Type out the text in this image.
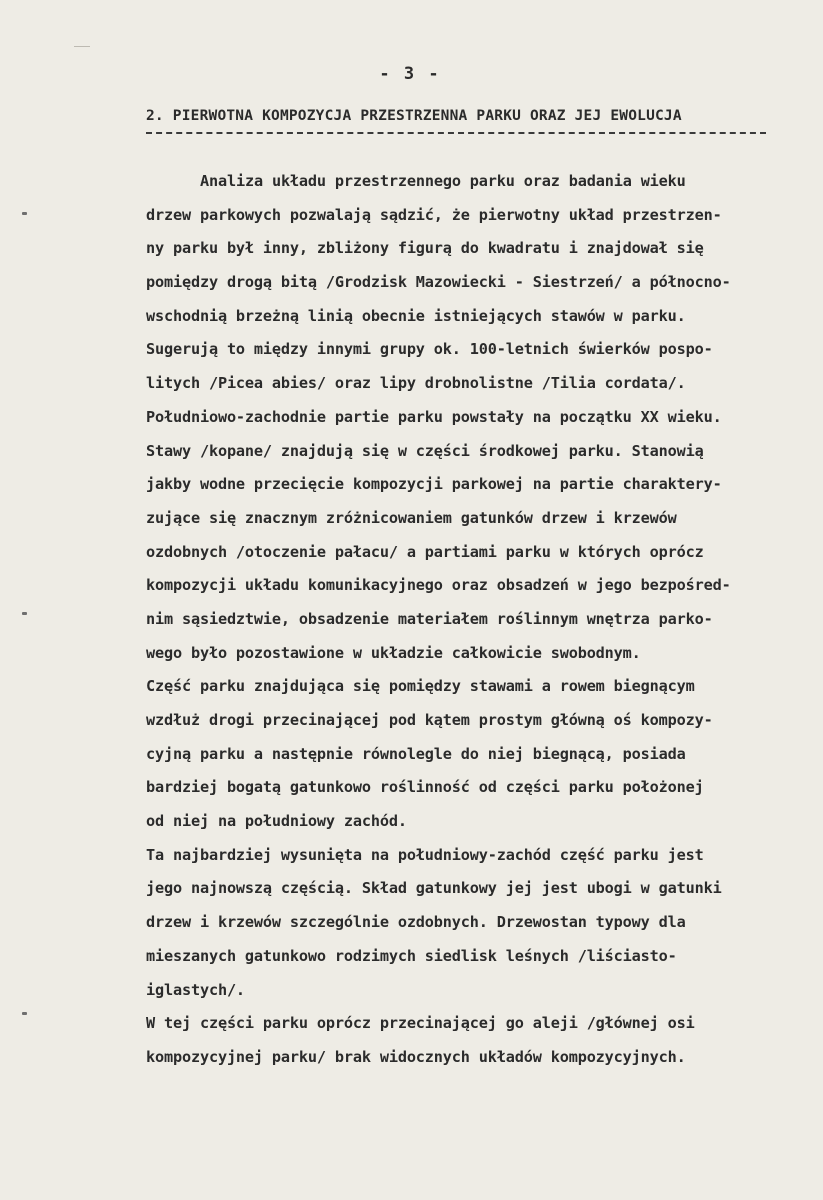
- 3 -
2. PIERWOTNA KOMPOZYCJA PRZESTRZENNA PARKU ORAZ JEJ EWOLUCJA
Analiza układu przestrzennego parku oraz badania wieku
drzew parkowych pozwalają sądzić, że pierwotny układ przestrzen-
ny parku był inny, zbliżony figurą do kwadratu i znajdował się
pomiędzy drogą bitą /Grodzisk Mazowiecki - Siestrzeń/ a północno-
wschodnią brzeżną linią obecnie istniejących stawów w parku.
Sugerują to między innymi grupy ok. 100-letnich świerków pospo-
litych /Picea abies/ oraz lipy drobnolistne /Tilia cordata/.
Południowo-zachodnie partie parku powstały na początku XX wieku.
Stawy /kopane/ znajdują się w części środkowej parku. Stanowią
jakby wodne przecięcie kompozycji parkowej na partie charaktery-
zujące się znacznym zróżnicowaniem gatunków drzew i krzewów
ozdobnych /otoczenie pałacu/ a partiami parku w których oprócz
kompozycji układu komunikacyjnego oraz obsadzeń w jego bezpośred-
nim sąsiedztwie, obsadzenie materiałem roślinnym wnętrza parko-
wego było pozostawione w układzie całkowicie swobodnym.
Część parku znajdująca się pomiędzy stawami a rowem biegnącym
wzdłuż drogi przecinającej pod kątem prostym główną oś kompozy-
cyjną parku a następnie równolegle do niej biegnącą, posiada
bardziej bogatą gatunkowo roślinność od części parku położonej
od niej na południowy zachód.
Ta najbardziej wysunięta na południowy-zachód część parku jest
jego najnowszą częścią. Skład gatunkowy jej jest ubogi w gatunki
drzew i krzewów szczególnie ozdobnych. Drzewostan typowy dla
mieszanych gatunkowo rodzimych siedlisk leśnych /liściasto-
iglastych/.
W tej części parku oprócz przecinającej go aleji /głównej osi
kompozycyjnej parku/ brak widocznych układów kompozycyjnych.
